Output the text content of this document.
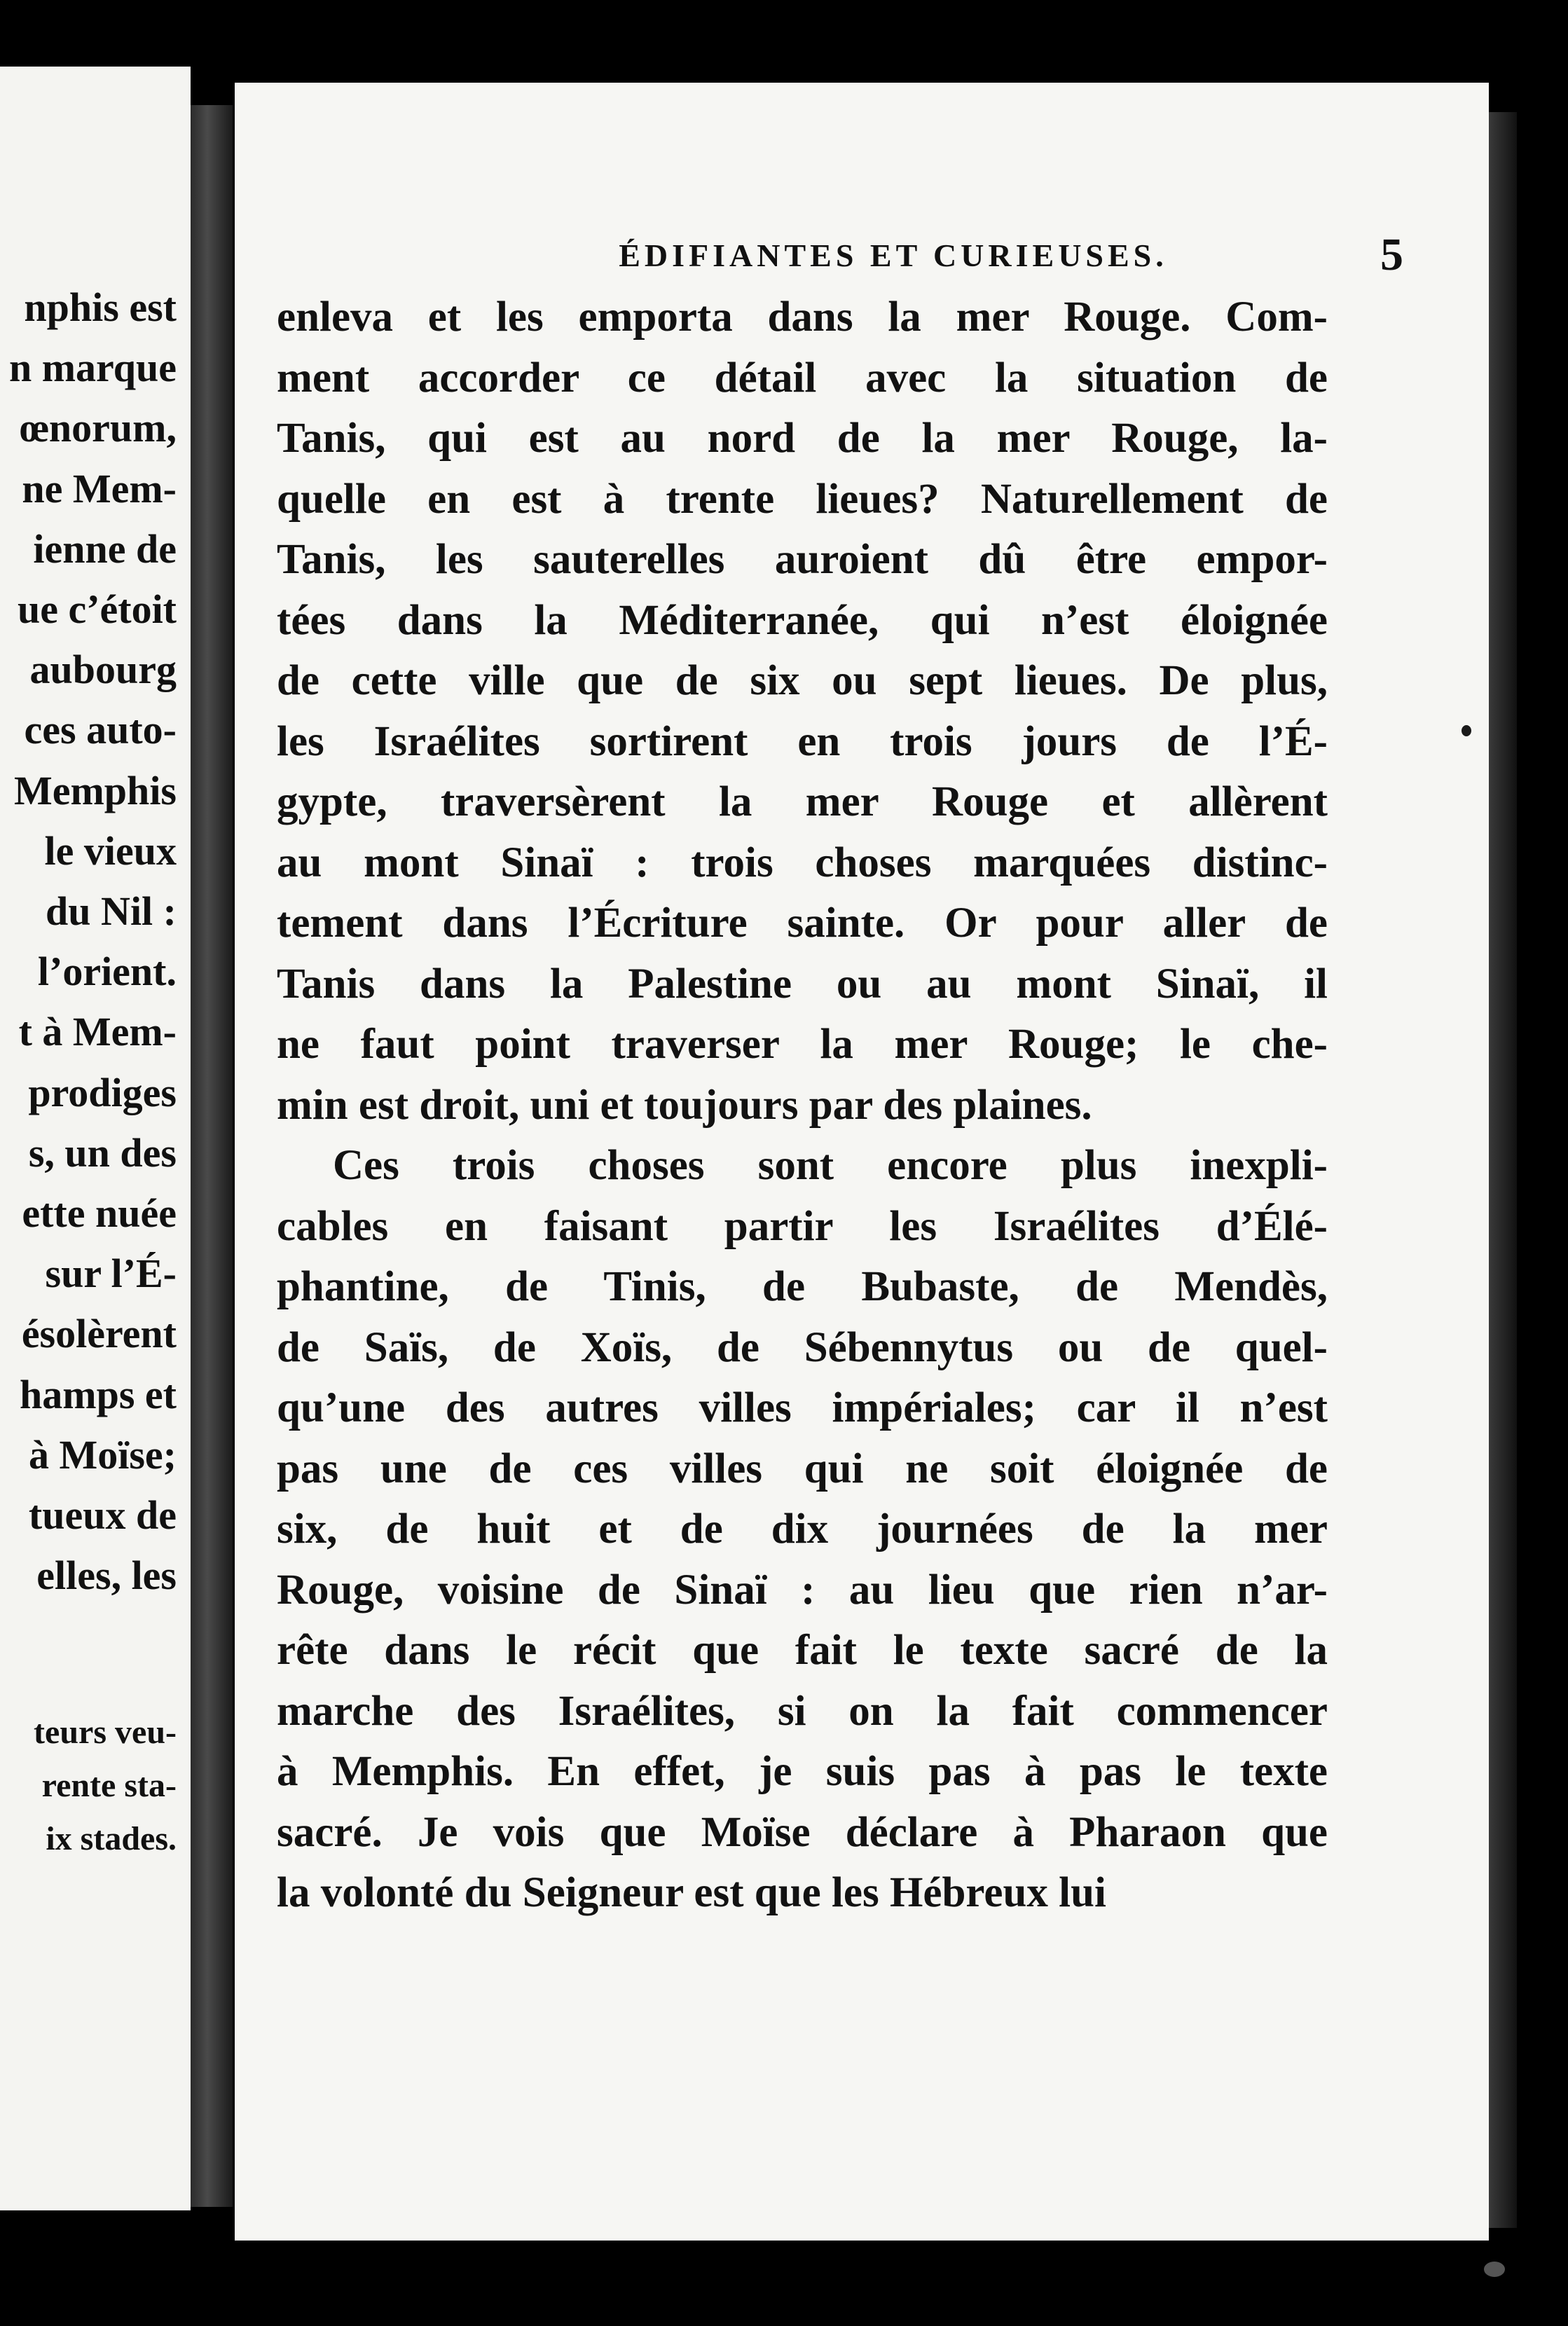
nphis est
n marque
œnorum,
ne Mem-
ienne de
ue c’étoit
aubourg
ces auto-
Memphis
le vieux
du Nil :
l’orient.
t à Mem-
prodiges
s, un des
ette nuée
sur l’É-
ésolèrent
hamps et
à Moïse;
tueux de
elles, les
teurs veu-
rente sta-
ix stades.
ÉDIFIANTES ET CURIEUSES.	5
enleva et les emporta dans la mer Rouge. Com-
ment accorder ce détail avec la situation de
Tanis, qui est au nord de la mer Rouge, la-
quelle en est à trente lieues? Naturellement de
Tanis, les sauterelles auroient dû être empor-
tées dans la Méditerranée, qui n’est éloignée
de cette ville que de six ou sept lieues. De plus,
les Israélites sortirent en trois jours de l’É-
gypte, traversèrent la mer Rouge et allèrent
au mont Sinaï : trois choses marquées distinc-
tement dans l’Écriture sainte. Or pour aller de
Tanis dans la Palestine ou au mont Sinaï, il
ne faut point traverser la mer Rouge; le che-
min est droit, uni et toujours par des plaines.
Ces trois choses sont encore plus inexpli-
cables en faisant partir les Israélites d’Élé-
phantine, de Tinis, de Bubaste, de Mendès,
de Saïs, de Xoïs, de Sébennytus ou de quel-
qu’une des autres villes impériales; car il n’est
pas une de ces villes qui ne soit éloignée de
six, de huit et de dix journées de la mer
Rouge, voisine de Sinaï : au lieu que rien n’ar-
rête dans le récit que fait le texte sacré de la
marche des Israélites, si on la fait commencer
à Memphis. En effet, je suis pas à pas le texte
sacré. Je vois que Moïse déclare à Pharaon que
la volonté du Seigneur est que les Hébreux lui
